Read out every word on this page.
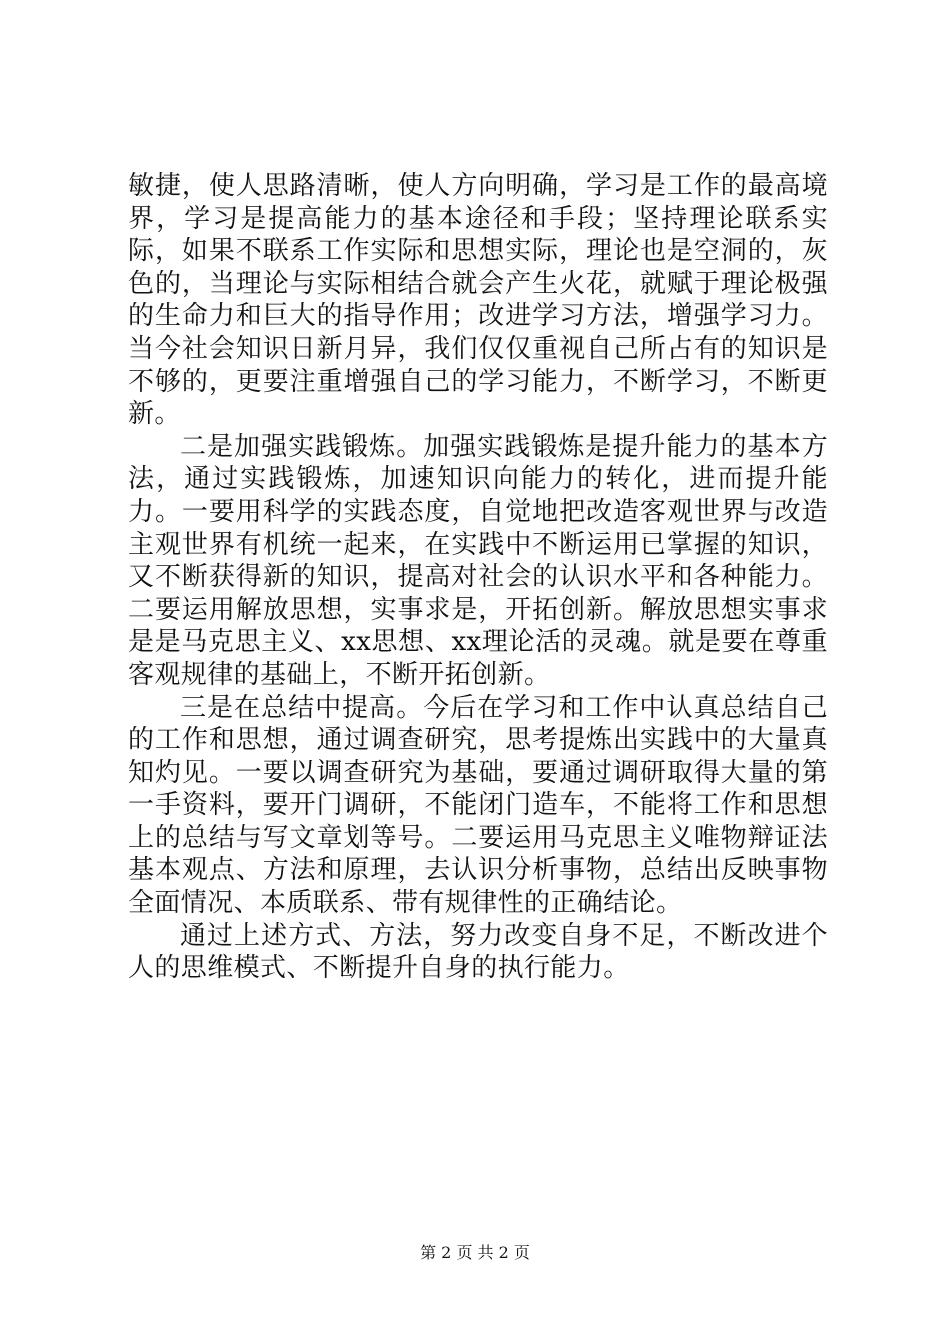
敏捷，使人思路清晰，使人方向明确，学习是工作的最高境界，学习是提高能力的基本途径和手段；坚持理论联系实际，如果不联系工作实际和思想实际，理论也是空洞的，灰色的，当理论与实际相结合就会产生火花，就赋于理论极强的生命力和巨大的指导作用；改进学习方法，增强学习力。当今社会知识日新月异，我们仅仅重视自己所占有的知识是不够的，更要注重增强自己的学习能力，不断学习，不断更新。

二是加强实践锻炼。加强实践锻炼是提升能力的基本方法，通过实践锻炼，加速知识向能力的转化，进而提升能力。一要用科学的实践态度，自觉地把改造客观世界与改造主观世界有机统一起来，在实践中不断运用已掌握的知识，又不断获得新的知识，提高对社会的认识水平和各种能力。二要运用解放思想，实事求是，开拓创新。解放思想实事求是是马克思主义、xx思想、xx理论活的灵魂。就是要在尊重客观规律的基础上，不断开拓创新。

三是在总结中提高。今后在学习和工作中认真总结自己的工作和思想，通过调查研究，思考提炼出实践中的大量真知灼见。一要以调查研究为基础，要通过调研取得大量的第一手资料，要开门调研，不能闭门造车，不能将工作和思想上的总结与写文章划等号。二要运用马克思主义唯物辩证法基本观点、方法和原理，去认识分析事物，总结出反映事物全面情况、本质联系、带有规律性的正确结论。

通过上述方式、方法，努力改变自身不足，不断改进个人的思维模式、不断提升自身的执行能力。

第 2 页 共 2 页
